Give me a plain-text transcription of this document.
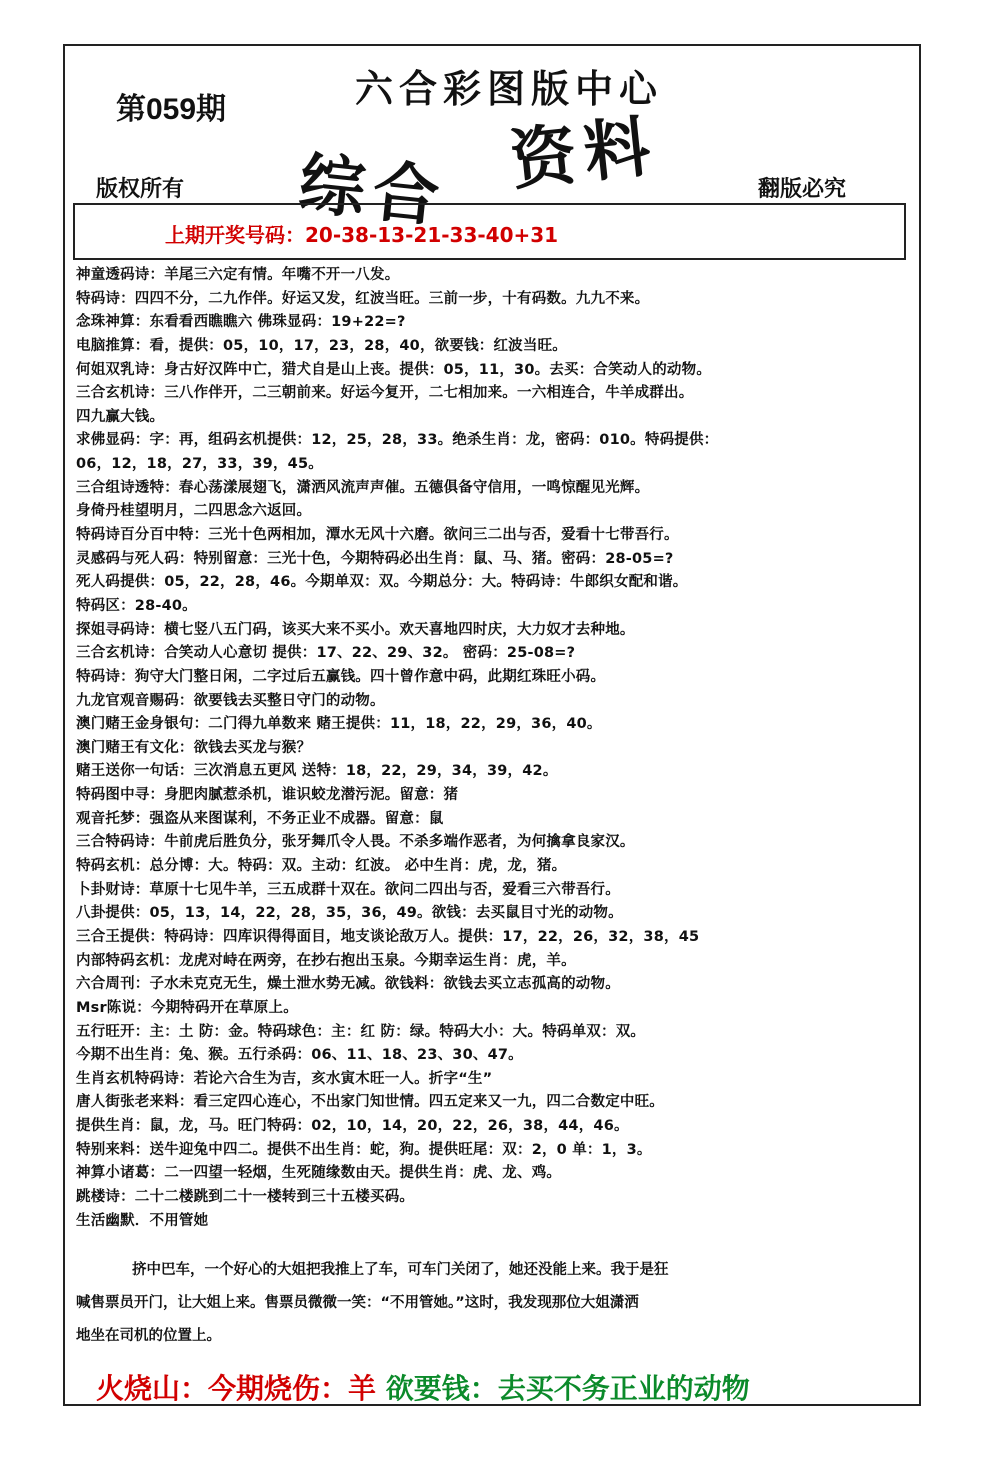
第059期	六合彩图版中心
综合 资料
版权所有	翻版必究
上期开奖号码：20-38-13-21-33-40+31
神童透码诗：羊尾三六定有情。年嘴不开一八发。
特码诗：四四不分，二九作伴。好运又发，红波当旺。三前一步，十有码数。九九不来。
念珠神算：东看看西瞧瞧六 佛珠显码：19+22=?
电脑推算：看，提供：05，10，17，23，28，40，欲要钱：红波当旺。
何姐双乳诗：身古好汉阵中亡，猎犬自是山上丧。提供：05，11，30。去买：合笑动人的动物。
三合玄机诗：三八作伴开，二三朝前来。好运今复开，二七相加来。一六相连合，牛羊成群出。
四九赢大钱。
求佛显码：字：再，组码玄机提供：12，25，28，33。绝杀生肖：龙，密码：010。特码提供：
06，12，18，27，33，39，45。
三合组诗透特：春心荡漾展翅飞，潇洒风流声声催。五德俱备守信用，一鸣惊醒见光辉。
身倚丹桂望明月，二四思念六返回。
特码诗百分百中特：三光十色两相加，潭水无风十六磨。欲问三二出与否，爱看十七带吾行。
灵感码与死人码：特别留意：三光十色，今期特码必出生肖：鼠、马、猪。密码：28-05=?
死人码提供：05，22，28，46。今期单双：双。今期总分：大。特码诗：牛郎织女配和谐。
特码区：28-40。
探姐寻码诗：横七竖八五门码，该买大来不买小。欢天喜地四时庆，大力奴才去种地。
三合玄机诗：合笑动人心意切 提供：17、22、29、32。 密码：25-08=?
特码诗：狗守大门整日闲，二字过后五赢钱。四十曾作意中码，此期红珠旺小码。
九龙官观音赐码：欲要钱去买整日守门的动物。
澳门赌王金身银句：二门得九单数来 赌王提供：11，18，22，29，36，40。
澳门赌王有文化：欲钱去买龙与猴？
赌王送你一句话：三次消息五更风 送特：18，22，29，34，39，42。
特码图中寻：身肥肉腻惹杀机，谁识蛟龙潜污泥。留意：猪
观音托梦：强盗从来图谋利，不务正业不成器。留意：鼠
三合特码诗：牛前虎后胜负分，张牙舞爪令人畏。不杀多端作恶者，为何擒拿良家汉。
特码玄机：总分博：大。特码：双。主动：红波。 必中生肖：虎，龙，猪。
卜卦财诗：草原十七见牛羊，三五成群十双在。欲问二四出与否，爱看三六带吾行。
八卦提供：05，13，14，22，28，35，36，49。欲钱：去买鼠目寸光的动物。
三合王提供：特码诗：四库识得得面目，地支谈论敌万人。提供：17，22，26，32，38，45
内部特码玄机：龙虎对峙在两旁，在抄右抱出玉泉。今期幸运生肖：虎，羊。
六合周刊：子水未克克无生，燥土泄水势无减。欲钱料：欲钱去买立志孤高的动物。
Msr陈说：今期特码开在草原上。
五行旺开：主：土 防：金。特码球色：主：红 防：绿。特码大小：大。特码单双：双。
今期不出生肖：兔、猴。五行杀码：06、11、18、23、30、47。
生肖玄机特码诗：若论六合生为吉，亥水寅木旺一人。折字“生”
唐人街张老来料：看三定四心连心，不出家门知世情。四五定来又一九，四二合数定中旺。
提供生肖：鼠，龙，马。旺门特码：02，10，14，20，22，26，38，44，46。
特别来料：送牛迎兔中四二。提供不出生肖：蛇，狗。提供旺尾：双：2，0 单：1，3。
神算小诸葛：二一四望一轻烟，生死随缘数由天。提供生肖：虎、龙、鸡。
跳楼诗：二十二楼跳到二十一楼转到三十五楼买码。
生活幽默．不用管她

挤中巴车，一个好心的大姐把我推上了车，可车门关闭了，她还没能上来。我于是狂

喊售票员开门，让大姐上来。售票员微微一笑：“不用管她。”这时，我发现那位大姐潇洒

地坐在司机的位置上。

火烧山：今期烧伤：羊 欲要钱：去买不务正业的动物
